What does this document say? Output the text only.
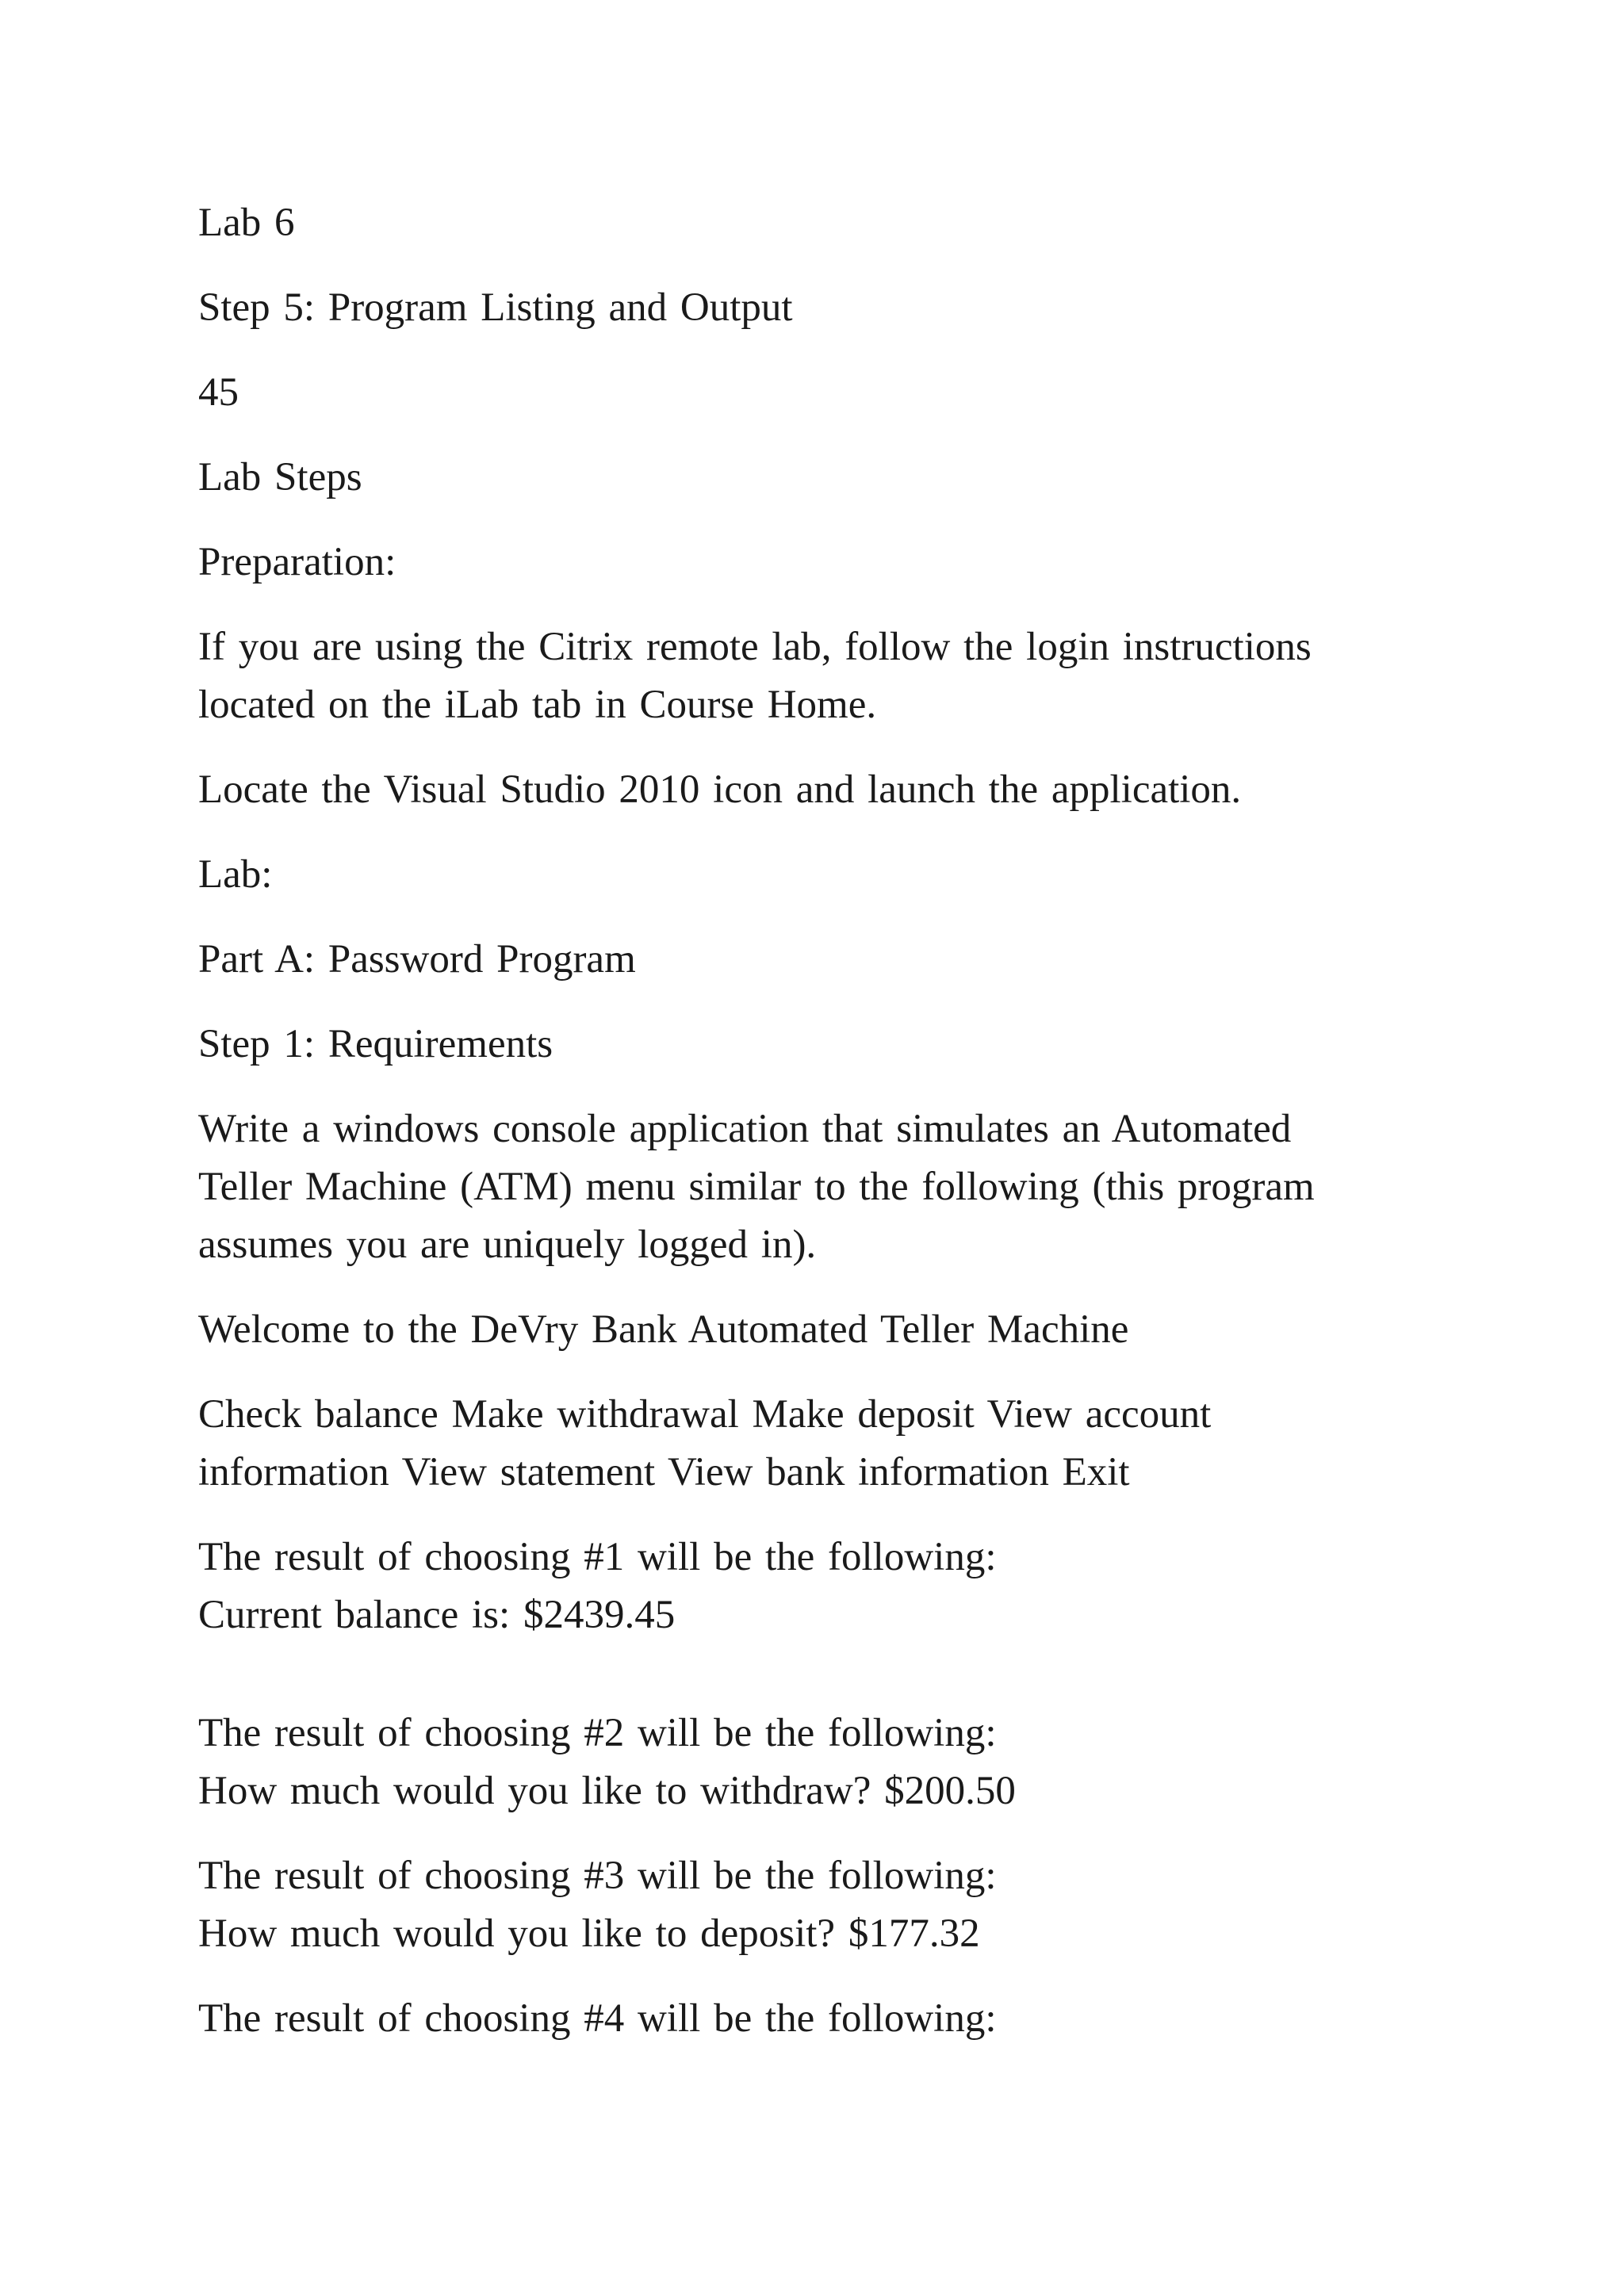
Lab 6

Step 5: Program Listing and Output

45

Lab Steps

Preparation:

If you are using the Citrix remote lab, follow the login instructions
located on the iLab tab in Course Home.

Locate the Visual Studio 2010 icon and launch the application.

Lab:

Part A: Password Program

Step 1: Requirements

Write a windows console application that simulates an Automated
Teller Machine (ATM) menu similar to the following (this program
assumes you are uniquely logged in).

Welcome to the DeVry Bank Automated Teller Machine

Check balance Make withdrawal Make deposit View account
information View statement View bank information Exit

The result of choosing #1 will be the following:
Current balance is: $2439.45

The result of choosing #2 will be the following:
How much would you like to withdraw? $200.50

The result of choosing #3 will be the following:
How much would you like to deposit? $177.32

The result of choosing #4 will be the following:
